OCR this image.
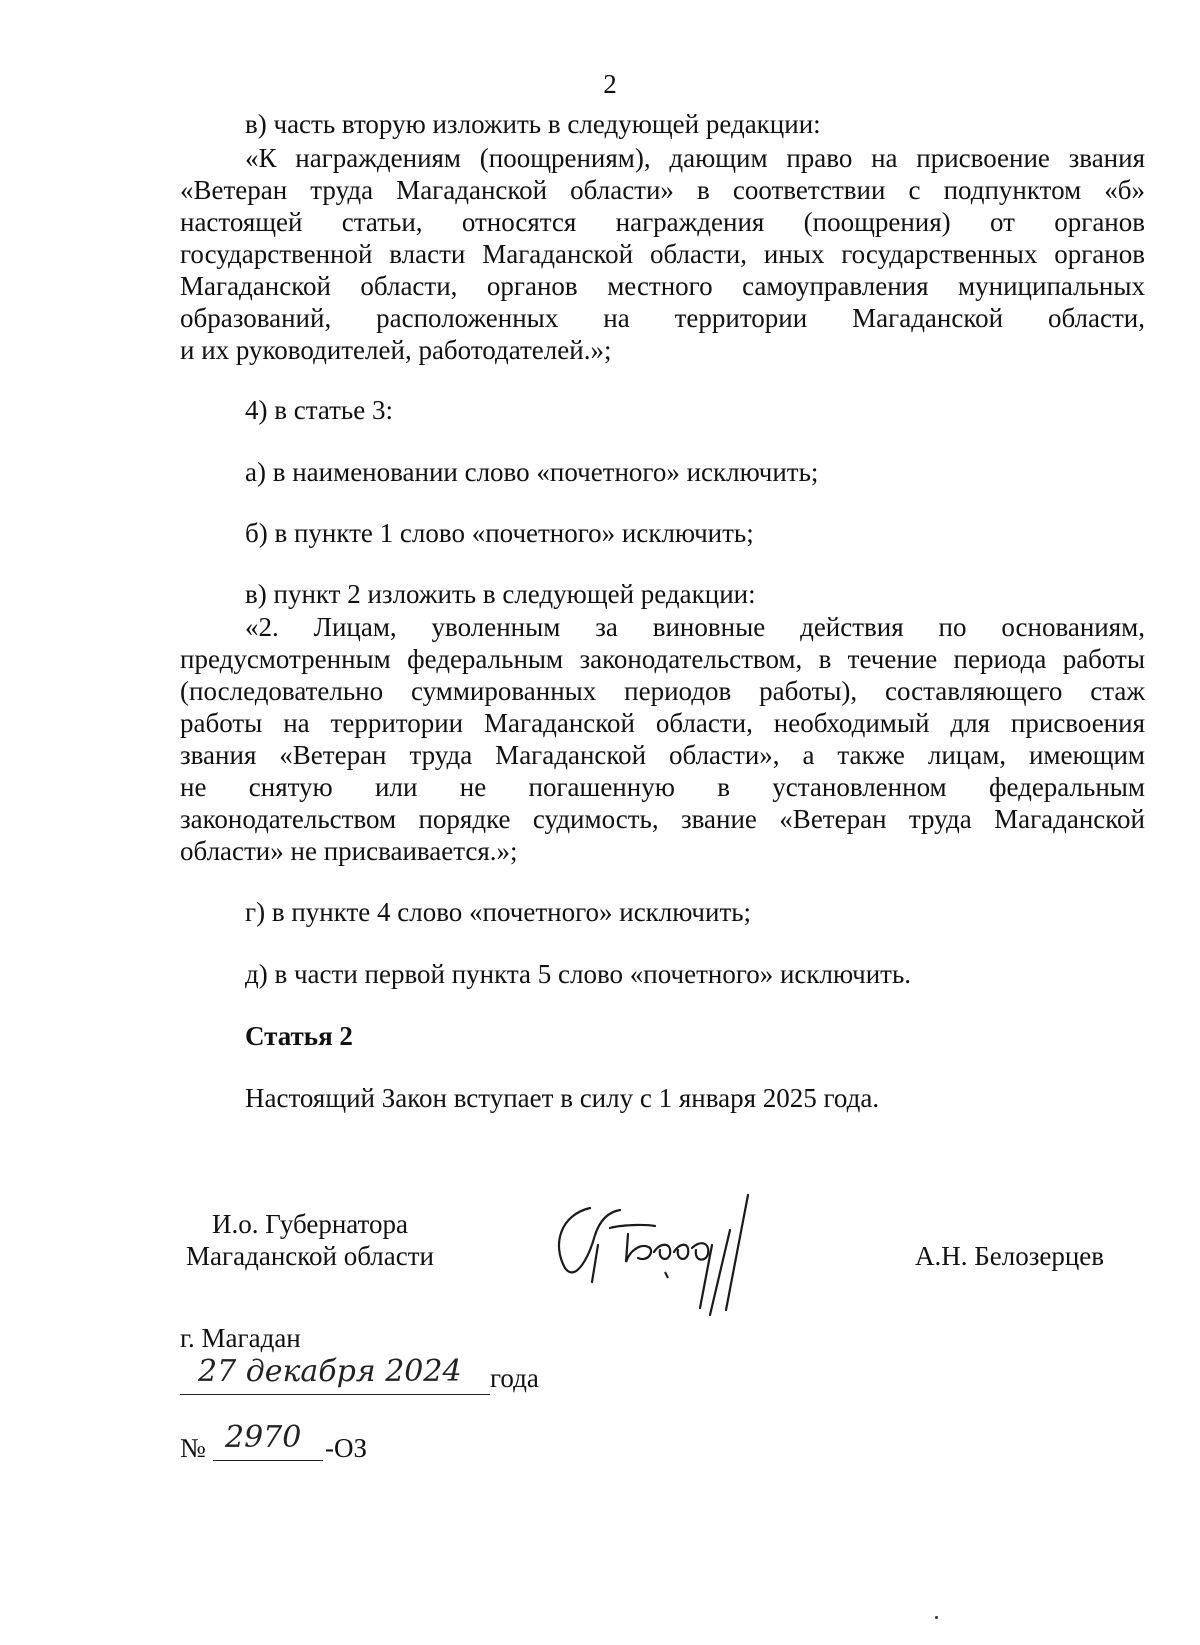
2
в) часть вторую изложить в следующей редакции:
«К награждениям (поощрениям), дающим право на присвоение звания
«Ветеран труда Магаданской области» в соответствии с подпунктом «б»
настоящей статьи, относятся награждения (поощрения) от органов
государственной власти Магаданской области, иных государственных органов
Магаданской области, органов местного самоуправления муниципальных
образований, расположенных на территории Магаданской области,
и их руководителей, работодателей.»;
4) в статье 3:
а) в наименовании слово «почетного» исключить;
б) в пункте 1 слово «почетного» исключить;
в) пункт 2 изложить в следующей редакции:
«2. Лицам, уволенным за виновные действия по основаниям,
предусмотренным федеральным законодательством, в течение периода работы
(последовательно суммированных периодов работы), составляющего стаж
работы на территории Магаданской области, необходимый для присвоения
звания «Ветеран труда Магаданской области», а также лицам, имеющим
не снятую или не погашенную в установленном федеральным
законодательством порядке судимость, звание «Ветеран труда Магаданской
области» не присваивается.»;
г) в пункте 4 слово «почетного» исключить;
д) в части первой пункта 5 слово «почетного» исключить.
Статья 2
Настоящий Закон вступает в силу с 1 января 2025 года.
И.о. Губернатора
Магаданской области	А.Н. Белозерцев
г. Магадан
27 декабря 2024 года
№ 2970 -ОЗ
